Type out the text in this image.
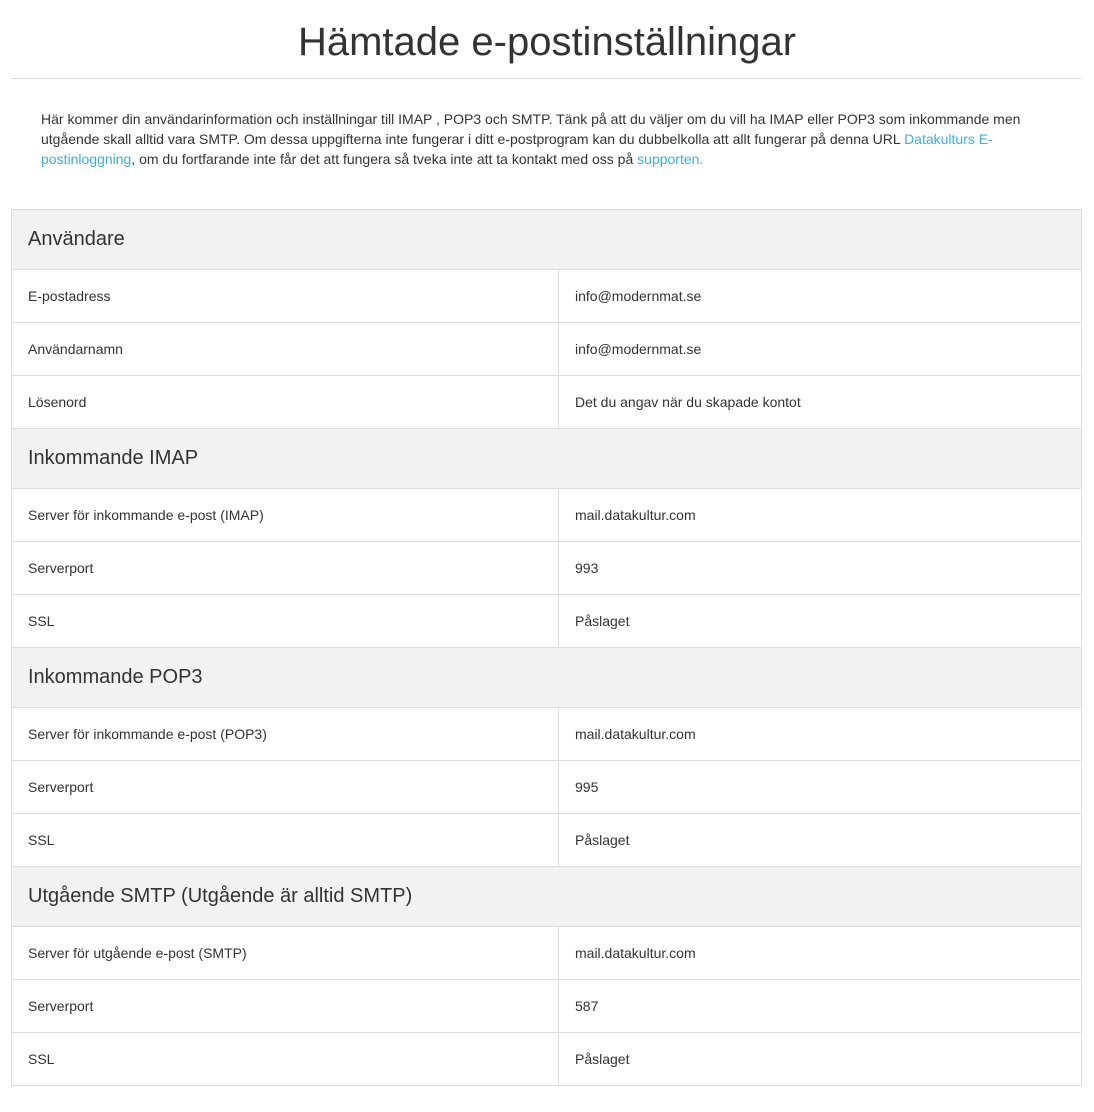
Hämtade e-postinställningar

Här kommer din användarinformation och inställningar till IMAP , POP3 och SMTP. Tänk på att du väljer om du vill ha IMAP eller POP3 som inkommande men utgående skall alltid vara SMTP. Om dessa uppgifterna inte fungerar i ditt e-postprogram kan du dubbelkolla att allt fungerar på denna URL Datakulturs E-postinloggning, om du fortfarande inte får det att fungera så tveka inte att ta kontakt med oss på supporten.

Användare	
E-postadress	info@modernmat.se
Användarnamn	info@modernmat.se
Lösenord	Det du angav när du skapade kontot
Inkommande IMAP	
Server för inkommande e-post (IMAP)	mail.datakultur.com
Serverport	993
SSL	Påslaget
Inkommande POP3	
Server för inkommande e-post (POP3)	mail.datakultur.com
Serverport	995
SSL	Påslaget
Utgående SMTP (Utgående är alltid SMTP)	
Server för utgående e-post (SMTP)	mail.datakultur.com
Serverport	587
SSL	Påslaget
